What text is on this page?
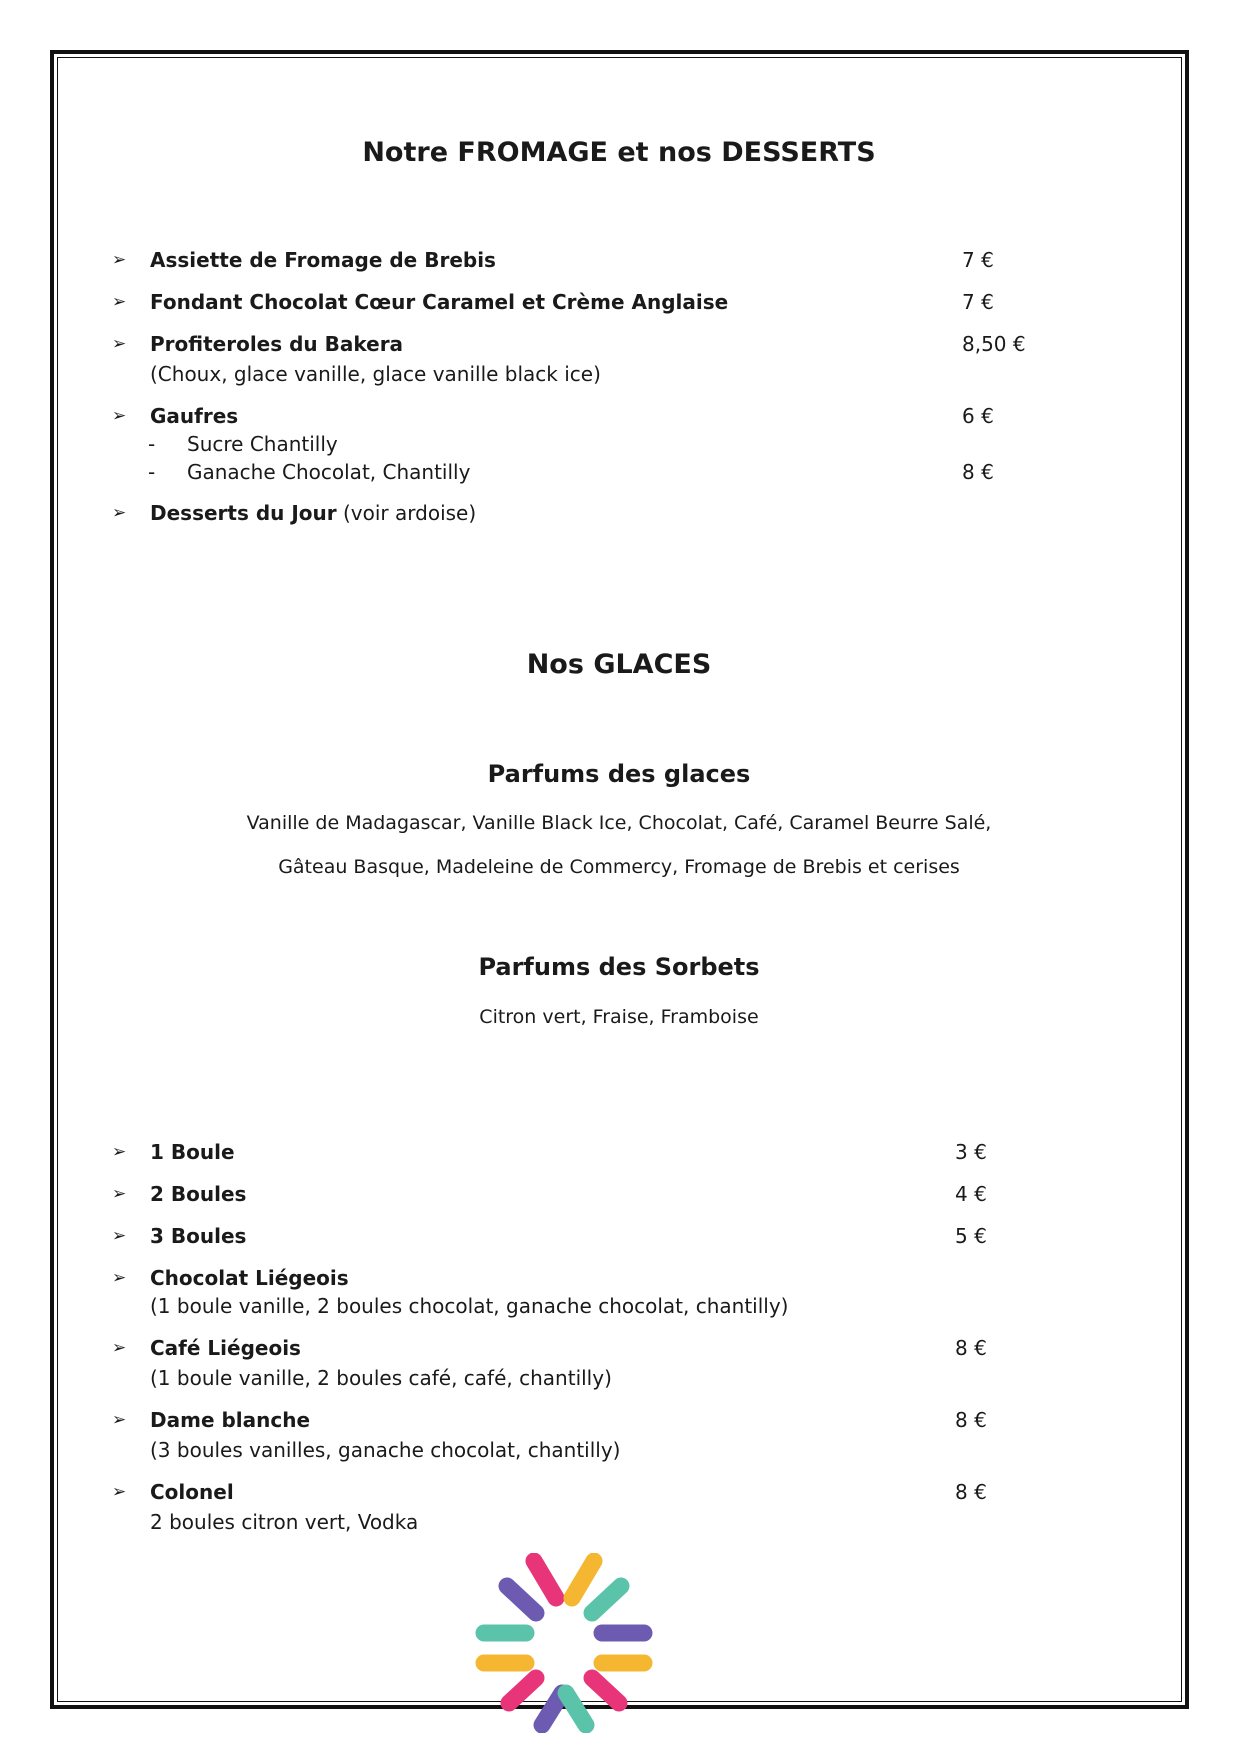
Notre FROMAGE et nos DESSERTS
➢ Assiette de Fromage de Brebis	7 €
➢ Fondant Chocolat Cœur Caramel et Crème Anglaise	7 €
➢ Profiteroles du Bakera	8,50 €
(Choux, glace vanille, glace vanille black ice)
➢ Gaufres	6 €
- Sucre Chantilly
- Ganache Chocolat, Chantilly	8 €
➢ Desserts du Jour (voir ardoise)
Nos GLACES
Parfums des glaces
Vanille de Madagascar, Vanille Black Ice, Chocolat, Café, Caramel Beurre Salé,
Gâteau Basque, Madeleine de Commercy, Fromage de Brebis et cerises
Parfums des Sorbets
Citron vert, Fraise, Framboise
➢ 1 Boule	3 €
➢ 2 Boules	4 €
➢ 3 Boules	5 €
➢ Chocolat Liégeois
(1 boule vanille, 2 boules chocolat, ganache chocolat, chantilly)
➢ Café Liégeois	8 €
(1 boule vanille, 2 boules café, café, chantilly)
➢ Dame blanche	8 €
(3 boules vanilles, ganache chocolat, chantilly)
➢ Colonel	8 €
2 boules citron vert, Vodka
